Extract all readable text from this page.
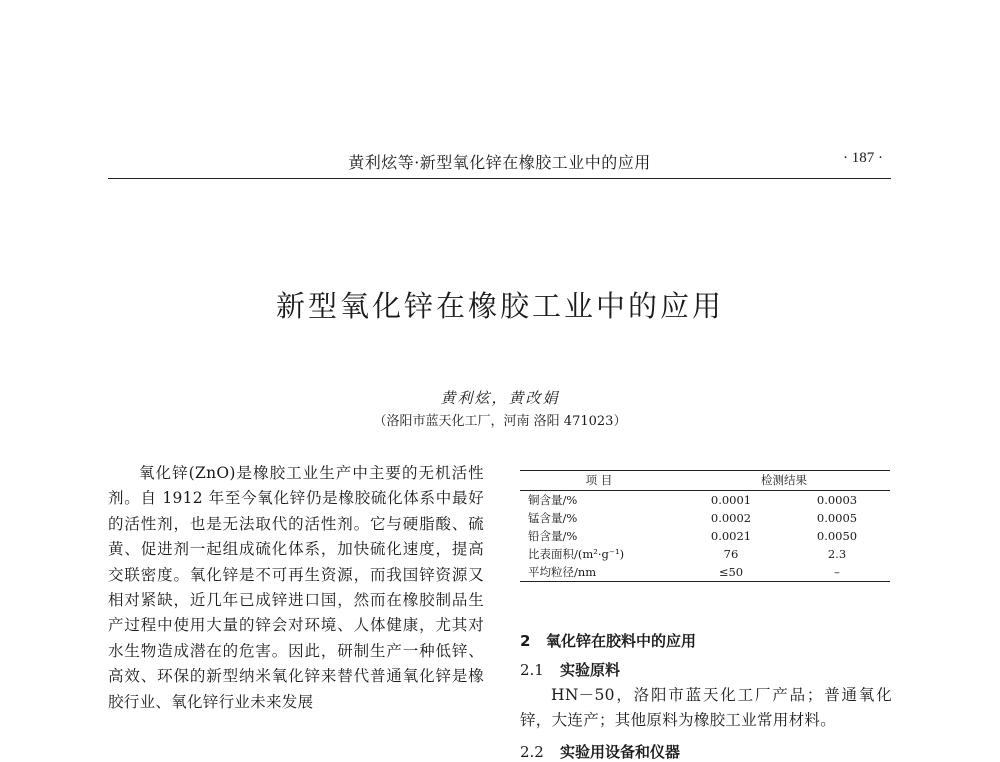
黄利炫等·新型氧化锌在橡胶工业中的应用	· 187 ·
新型氧化锌在橡胶工业中的应用
黄利炫，黄改娟
（洛阳市蓝天化工厂，河南 洛阳 471023）

氧化锌(ZnO)是橡胶工业生产中主要的无机活性剂。自 1912 年至今氧化锌仍是橡胶硫化体系中最好的活性剂，也是无法取代的活性剂。它与硬脂酸、硫黄、促进剂一起组成硫化体系，加快硫化速度，提高交联密度。氧化锌是不可再生资源，而我国锌资源又相对紧缺，近几年已成锌进口国，然而在橡胶制品生产过程中使用大量的锌会对环境、人体健康，尤其对水生物造成潜在的危害。因此，研制生产一种低锌、高效、环保的新型纳米氧化锌来替代普通氧化锌是橡胶行业、氧化锌行业未来发展

项 目	检测结果	
铜含量/%	0.0001	0.0003
锰含量/%	0.0002	0.0005
铅含量/%	0.0021	0.0050
比表面积/(m²·g⁻¹)	76	2.3
平均粒径/nm	≤50	–
2 氧化锌在胶料中的应用
2.1 实验原料

HN－50，洛阳市蓝天化工厂产品；普通氧化锌，大连产；其他原料为橡胶工业常用材料。

2.2 实验用设备和仪器
